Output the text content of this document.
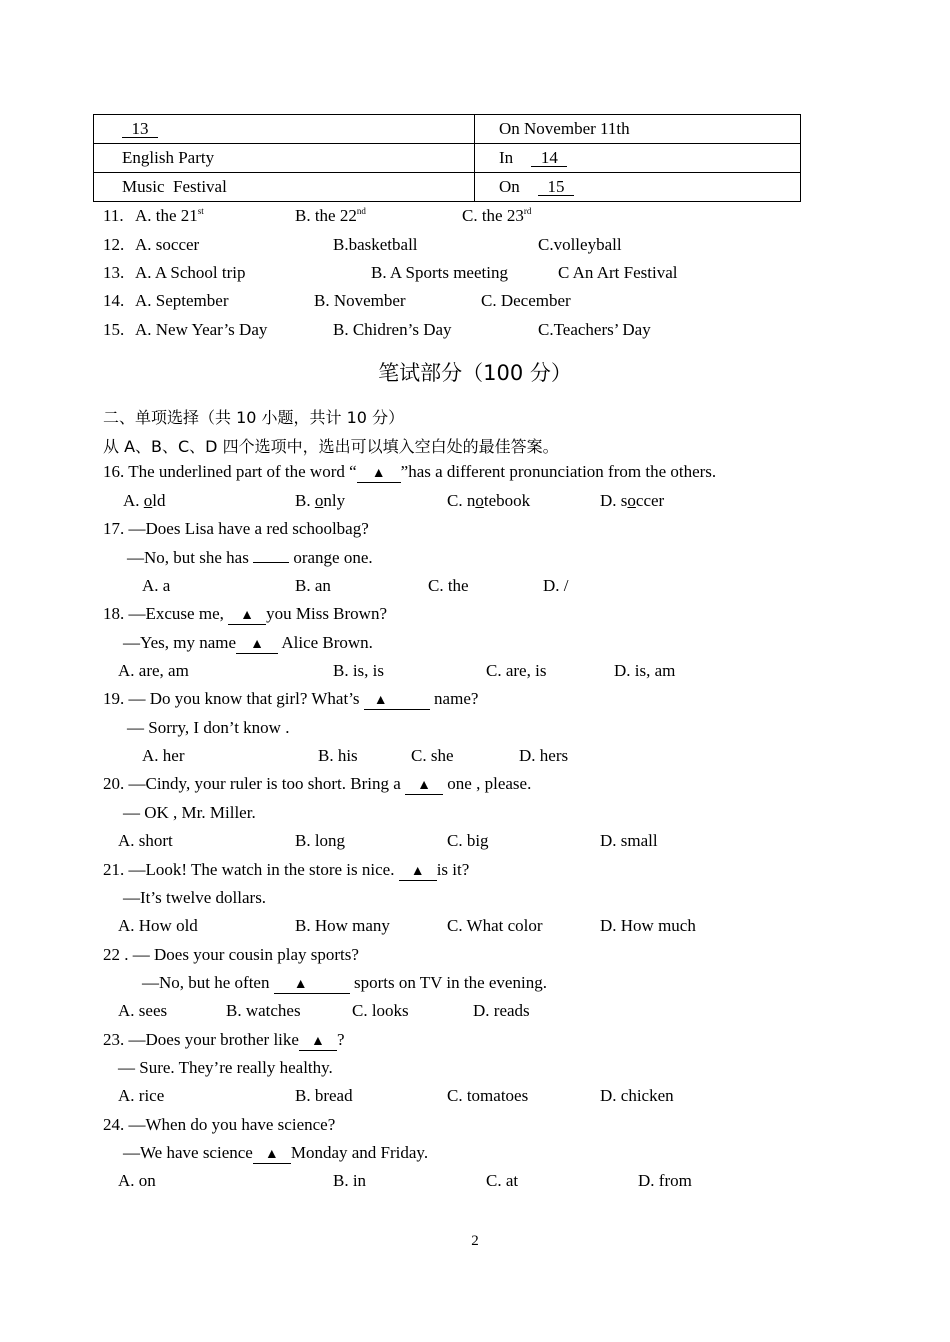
13	On November 11th
English Party	In 14
Music  Festival	On 15
11. A. the 21st	B. the 22nd	C. the 23rd
12. A. soccer	B.basketball	C.volleyball
13. A. A School trip	B. A Sports meeting	C An Art Festival
14. A. September	B. November	C. December
15. A. New Year’s Day	B. Chidren’s Day	C.Teachers’ Day
笔试部分（100 分）
二、单项选择（共 10 小题，共计 10 分）
从 A、B、C、D 四个选项中，选出可以填入空白处的最佳答案。
16. The underlined part of the word “ ▲ ”has a different pronunciation from the others.
A. old	B. only	C. notebook	D. soccer
17. —Does Lisa have a red schoolbag?
—No, but she has  orange one.
A. a	B. an	C. the	D. /
18. —Excuse me, ▲ you Miss Brown?
—Yes, my name ▲ Alice Brown.
A. are, am	B. is, is	C. are, is	D. is, am
19. — Do you know that girl? What’s ▲ name?
— Sorry, I don’t know .
A. her	B. his	C. she	D. hers
20. —Cindy, your ruler is too short. Bring a ▲ one , please.
— OK , Mr. Miller.
A. short	B. long	C. big	D. small
21. —Look! The watch in the store is nice. ▲ is it?
—It’s twelve dollars.
A. How old	B. How many	C. What color	D. How much
22 . — Does your cousin play sports?
—No, but he often ▲ sports on TV in the evening.
A. sees	B. watches	C. looks	D. reads
23. —Does your brother like ▲ ?
— Sure. They’re really healthy.
A. rice	B. bread	C. tomatoes	D. chicken
24. —When do you have science?
—We have science ▲ Monday and Friday.
A. on	B. in	C. at	D. from
2
